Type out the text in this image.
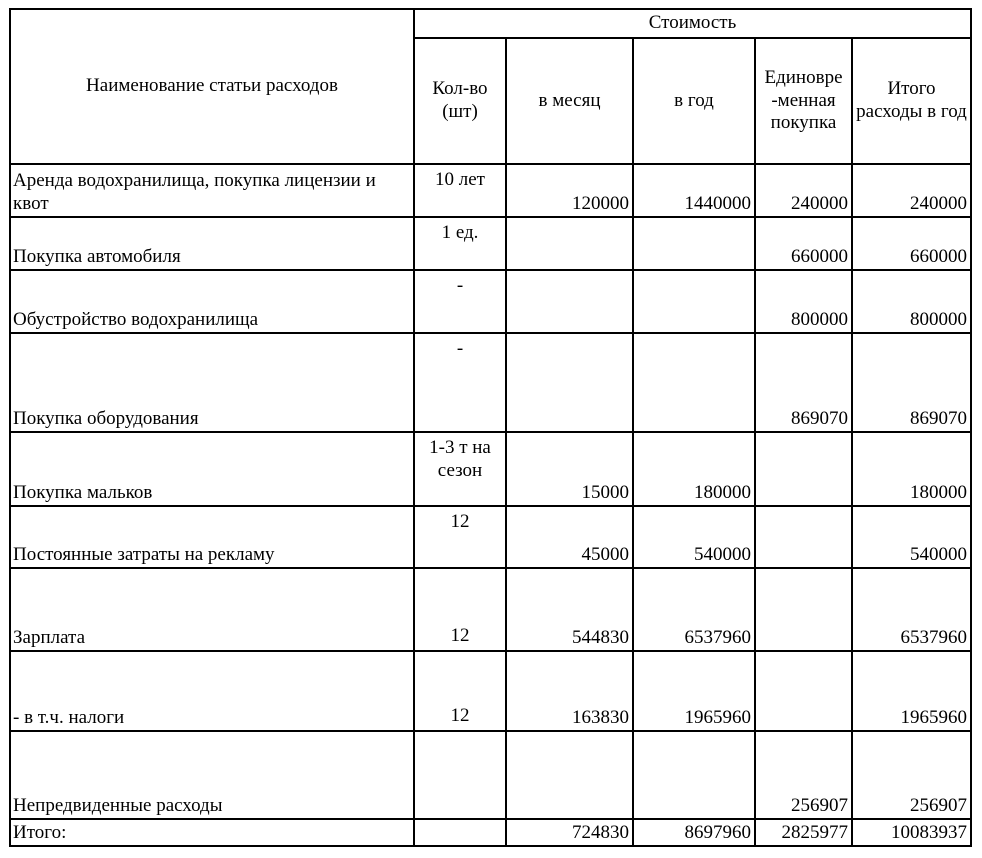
Наименование статьи расходов	Стоимость				
	Кол-во (шт)	в месяц	в год	Единовре -менная покупка	Итого расходы в год
Аренда водохранилища, покупка лицензии и квот	10 лет	120000	1440000	240000	240000
Покупка автомобиля	1 ед.			660000	660000
Обустройство водохранилища	-			800000	800000
Покупка оборудования	-			869070	869070
Покупка мальков	1-3 т на сезон	15000	180000		180000
Постоянные затраты на рекламу	12	45000	540000		540000
Зарплата	12	544830	6537960		6537960
- в т.ч. налоги	12	163830	1965960		1965960
Непредвиденные расходы				256907	256907
Итого:		724830	8697960	2825977	10083937
